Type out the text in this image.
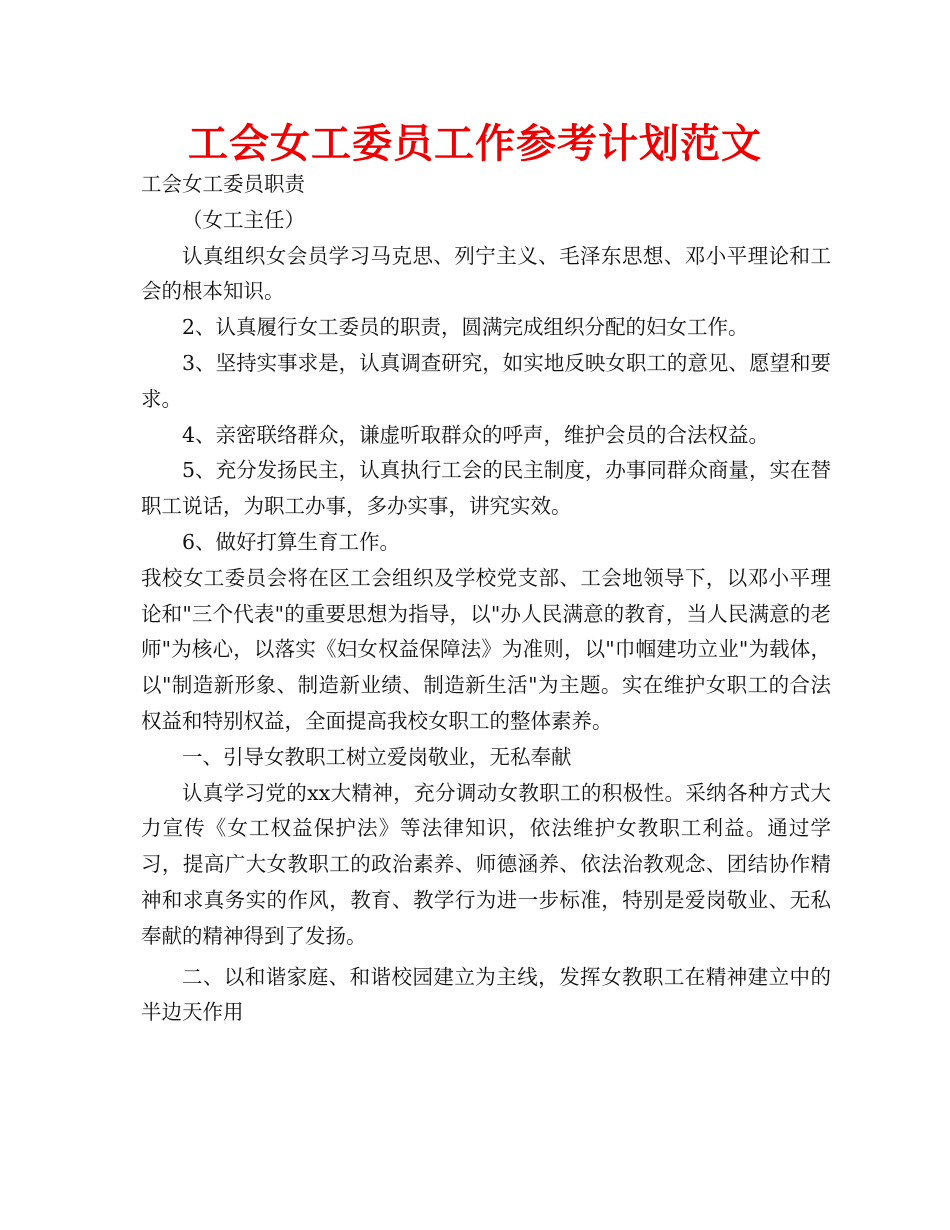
工会女工委员工作参考计划范文

工会女工委员职责

（女工主任）

认真组织女会员学习马克思、列宁主义、毛泽东思想、邓小平理论和工会的根本知识。

2、认真履行女工委员的职责，圆满完成组织分配的妇女工作。

3、坚持实事求是，认真调查研究，如实地反映女职工的意见、愿望和要求。

4、亲密联络群众，谦虚听取群众的呼声，维护会员的合法权益。

5、充分发扬民主，认真执行工会的民主制度，办事同群众商量，实在替职工说话，为职工办事，多办实事，讲究实效。

6、做好打算生育工作。

我校女工委员会将在区工会组织及学校党支部、工会地领导下，以邓小平理论和"三个代表"的重要思想为指导，以"办人民满意的教育，当人民满意的老师"为核心，以落实《妇女权益保障法》为准则，以"巾帼建功立业"为载体，以"制造新形象、制造新业绩、制造新生活"为主题。实在维护女职工的合法权益和特别权益，全面提高我校女职工的整体素养。

一、引导女教职工树立爱岗敬业，无私奉献

认真学习党的xx大精神，充分调动女教职工的积极性。采纳各种方式大力宣传《女工权益保护法》等法律知识，依法维护女教职工利益。通过学习，提高广大女教职工的政治素养、师德涵养、依法治教观念、团结协作精神和求真务实的作风，教育、教学行为进一步标准，特别是爱岗敬业、无私奉献的精神得到了发扬。

二、以和谐家庭、和谐校园建立为主线，发挥女教职工在精神建立中的半边天作用
